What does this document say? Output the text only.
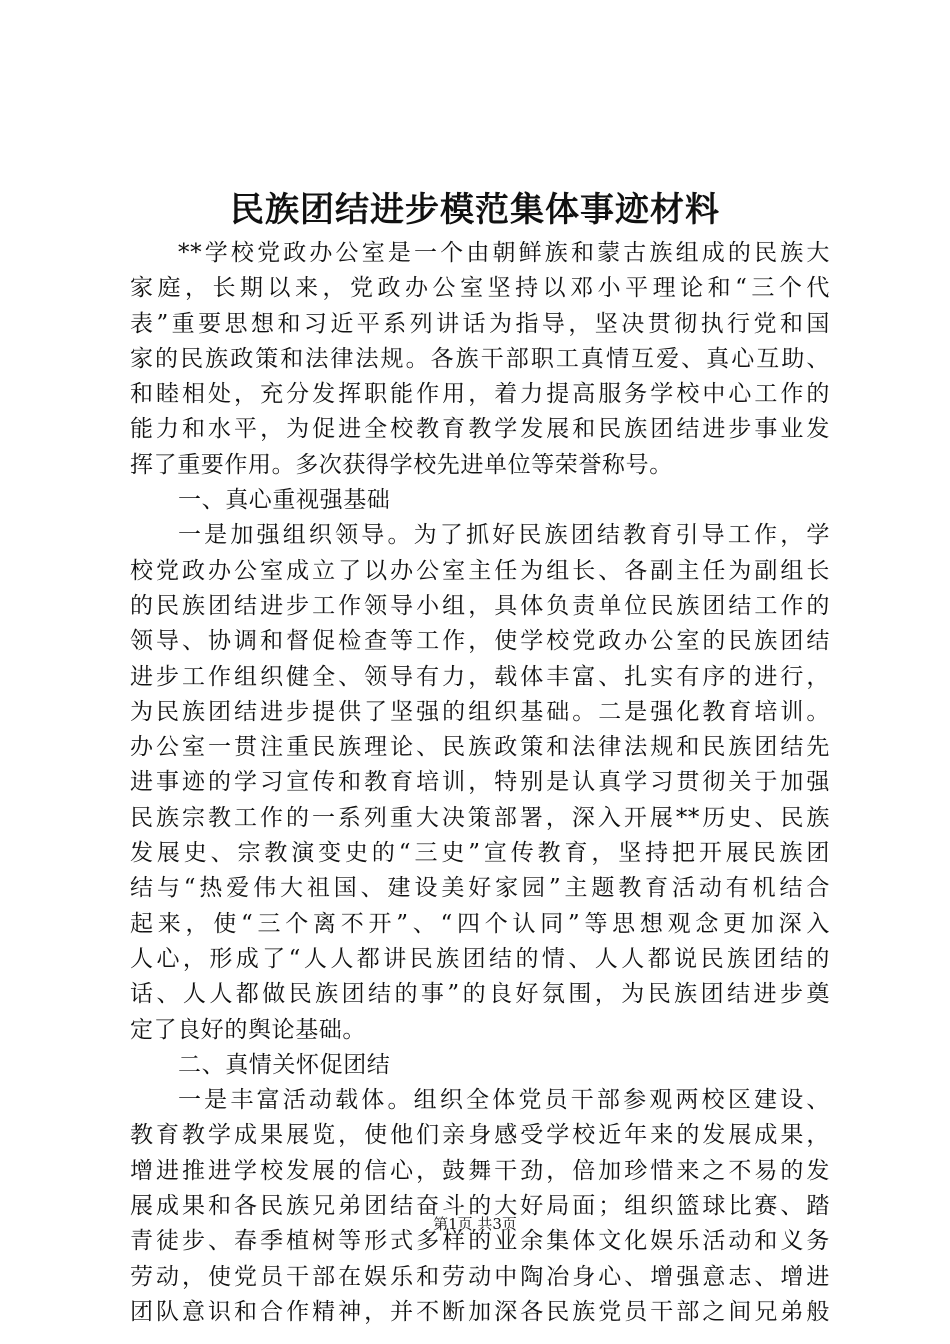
民族团结进步模范集体事迹材料
**学校党政办公室是一个由朝鲜族和蒙古族组成的民族大
家庭，长期以来，党政办公室坚持以邓小平理论和“三个代
表”重要思想和习近平系列讲话为指导，坚决贯彻执行党和国
家的民族政策和法律法规。各族干部职工真情互爱、真心互助、
和睦相处，充分发挥职能作用，着力提高服务学校中心工作的
能力和水平，为促进全校教育教学发展和民族团结进步事业发
挥了重要作用。多次获得学校先进单位等荣誉称号。
一、真心重视强基础
一是加强组织领导。为了抓好民族团结教育引导工作，学
校党政办公室成立了以办公室主任为组长、各副主任为副组长
的民族团结进步工作领导小组，具体负责单位民族团结工作的
领导、协调和督促检查等工作，使学校党政办公室的民族团结
进步工作组织健全、领导有力，载体丰富、扎实有序的进行，
为民族团结进步提供了坚强的组织基础。二是强化教育培训。
办公室一贯注重民族理论、民族政策和法律法规和民族团结先
进事迹的学习宣传和教育培训，特别是认真学习贯彻关于加强
民族宗教工作的一系列重大决策部署，深入开展**历史、民族
发展史、宗教演变史的“三史”宣传教育，坚持把开展民族团
结与“热爱伟大祖国、建设美好家园”主题教育活动有机结合
起来，使“三个离不开”、“四个认同”等思想观念更加深入
人心，形成了“人人都讲民族团结的情、人人都说民族团结的
话、人人都做民族团结的事”的良好氛围，为民族团结进步奠
定了良好的舆论基础。
二、真情关怀促团结
一是丰富活动载体。组织全体党员干部参观两校区建设、
教育教学成果展览，使他们亲身感受学校近年来的发展成果，
增进推进学校发展的信心，鼓舞干劲，倍加珍惜来之不易的发
展成果和各民族兄弟团结奋斗的大好局面；组织篮球比赛、踏
青徒步、春季植树等形式多样的业余集体文化娱乐活动和义务
劳动，使党员干部在娱乐和劳动中陶冶身心、增强意志、增进
团队意识和合作精神，并不断加深各民族党员干部之间兄弟般
第1页 共3页
